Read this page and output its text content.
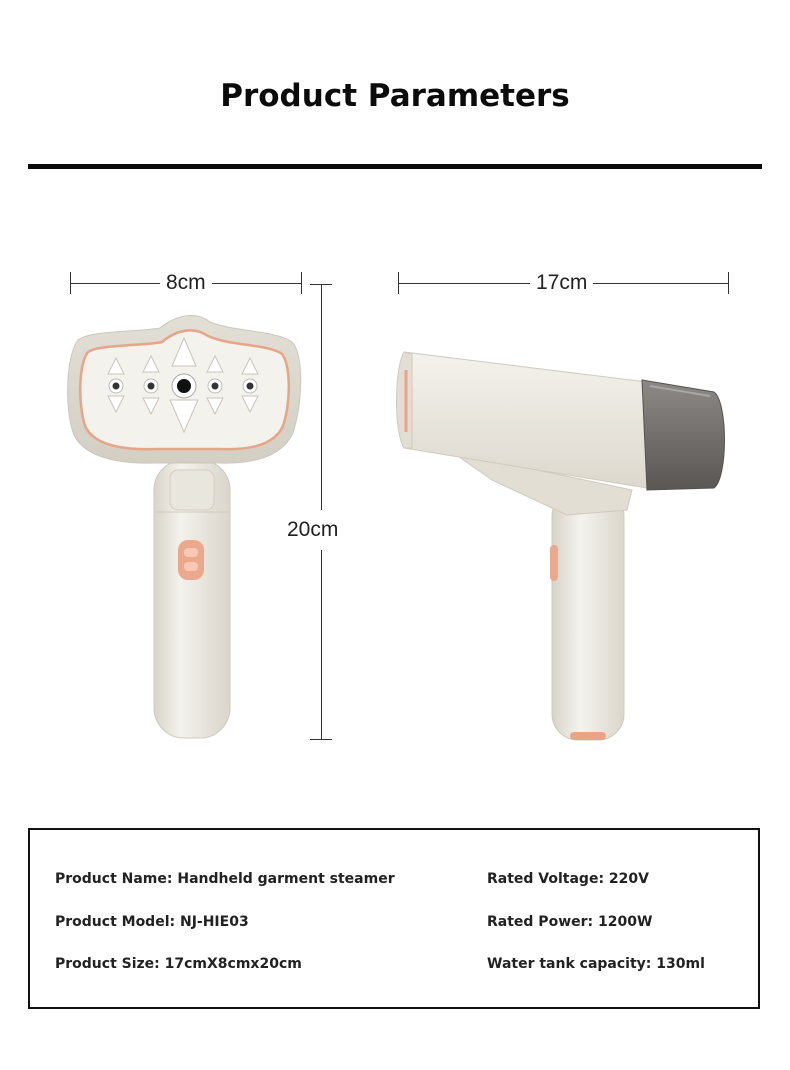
Product Parameters
8cm	17cm
20cm
Product Name: Handheld garment steamer
Product Model: NJ-HIE03
Product Size: 17cmX8cmx20cm
Rated Voltage: 220V
Rated Power: 1200W
Water tank capacity: 130ml
